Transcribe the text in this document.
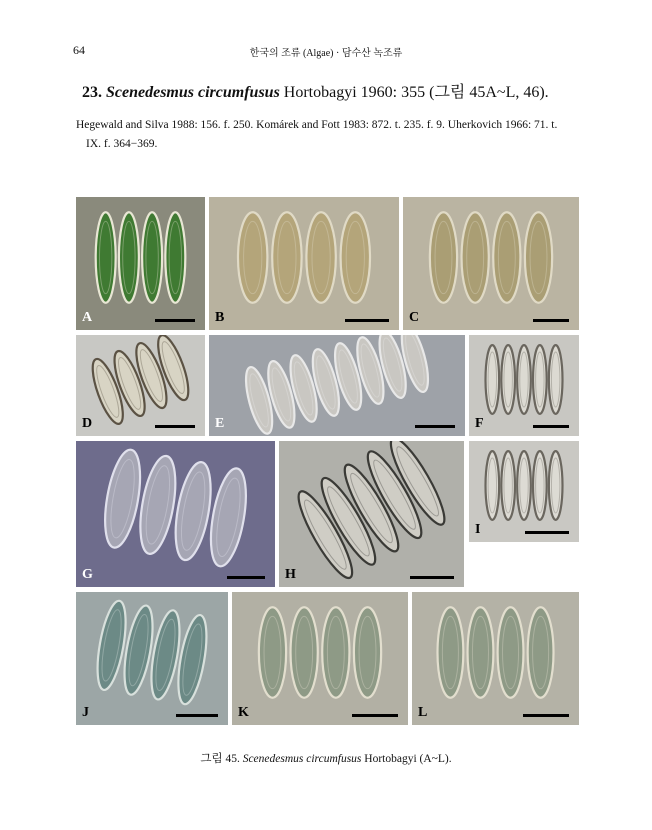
64	한국의 조류 (Algae) · 담수산 녹조류
23. Scenedesmus circumfusus Hortobagyi 1960: 355 (그림 45A~L, 46).
Hegewald and Silva 1988: 156. f. 250. Komárek and Fott 1983: 872. t. 235. f. 9. Uherkovich 1966: 71. t.
IX. f. 364−369.
A	B	C
D	E	F
G	H
I
J	K	L
그림 45. Scenedesmus circumfusus Hortobagyi (A~L).
